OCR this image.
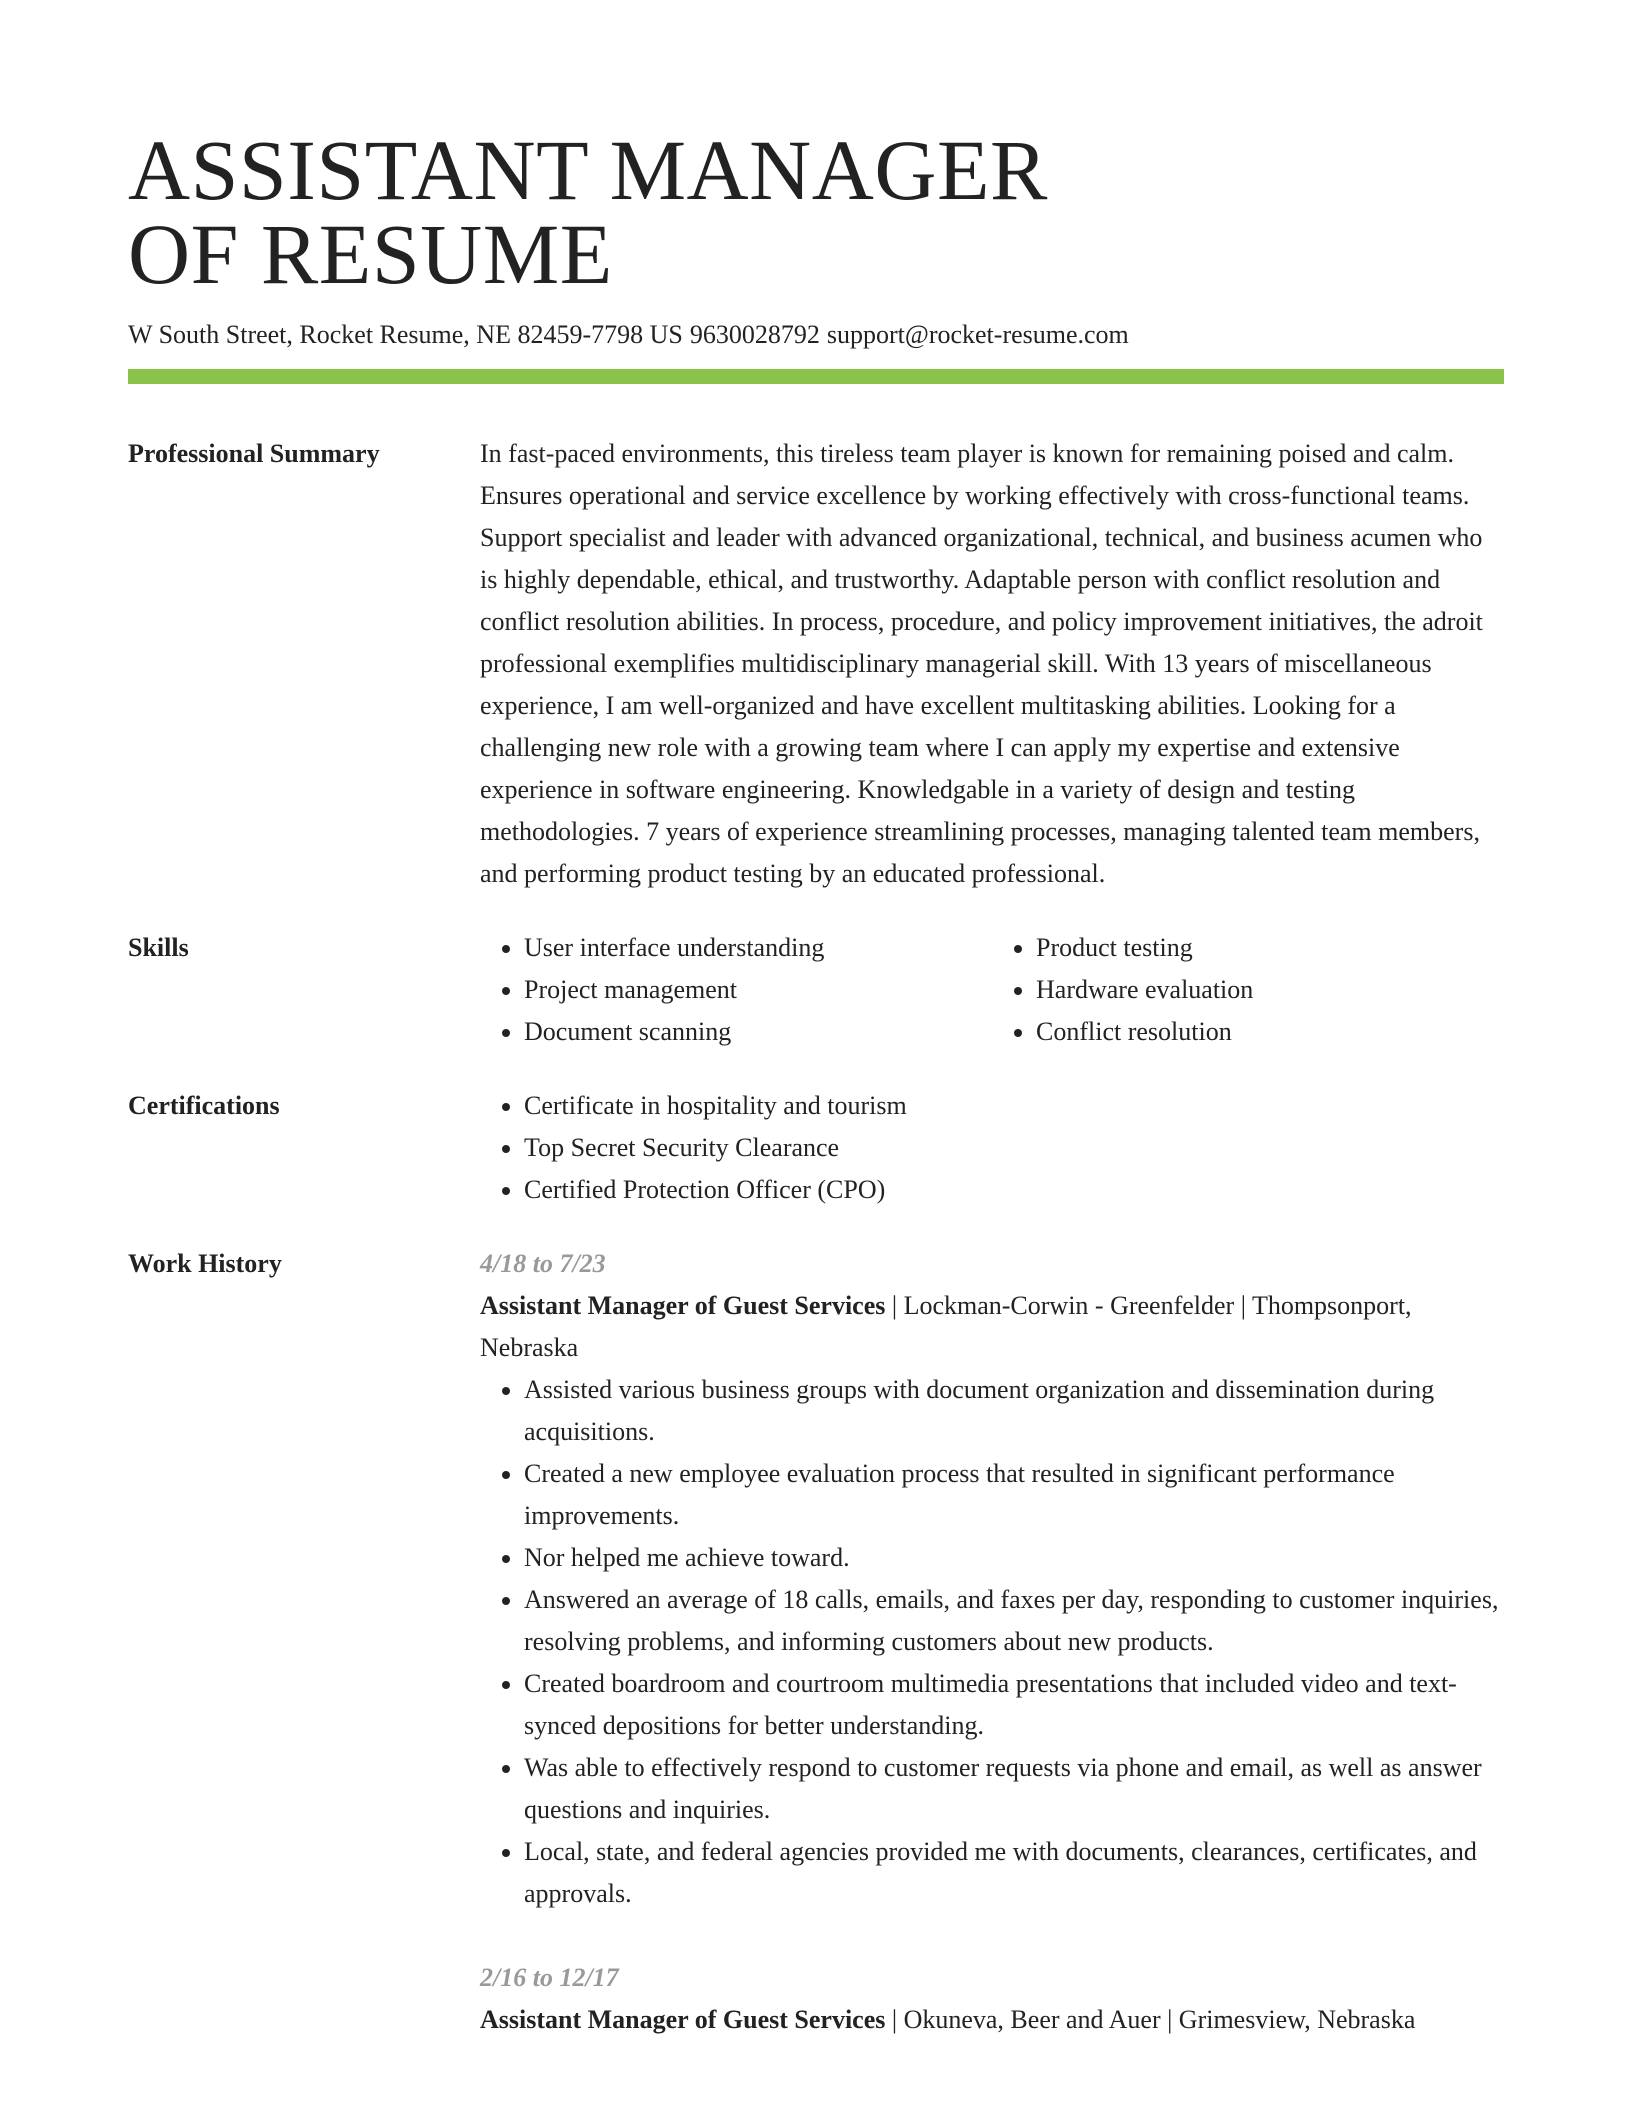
ASSISTANT MANAGER
OF RESUME
W South Street, Rocket Resume, NE 82459-7798 US 9630028792 support@rocket-resume.com
Professional Summary	In fast-paced environments, this tireless team player is known for remaining poised and calm. Ensures operational and service excellence by working effectively with cross-functional teams. Support specialist and leader with advanced organizational, technical, and business acumen who is highly dependable, ethical, and trustworthy. Adaptable person with conflict resolution and conflict resolution abilities. In process, procedure, and policy improvement initiatives, the adroit professional exemplifies multidisciplinary managerial skill. With 13 years of miscellaneous experience, I am well-organized and have excellent multitasking abilities. Looking for a challenging new role with a growing team where I can apply my expertise and extensive experience in software engineering. Knowledgable in a variety of design and testing methodologies. 7 years of experience streamlining processes, managing talented team members, and performing product testing by an educated professional.

Skills	• User interface understanding
• Project management
• Document scanning
• Product testing
• Hardware evaluation
• Conflict resolution
Certifications	• Certificate in hospitality and tourism
• Top Secret Security Clearance
• Certified Protection Officer (CPO)
Work History	4/18 to 7/23

Assistant Manager of Guest Services | Lockman-Corwin - Greenfelder | Thompsonport, Nebraska

• Assisted various business groups with document organization and dissemination during acquisitions.
• Created a new employee evaluation process that resulted in significant performance improvements.
• Nor helped me achieve toward.
• Answered an average of 18 calls, emails, and faxes per day, responding to customer inquiries, resolving problems, and informing customers about new products.
• Created boardroom and courtroom multimedia presentations that included video and text-synced depositions for better understanding.
• Was able to effectively respond to customer requests via phone and email, as well as answer questions and inquiries.
• Local, state, and federal agencies provided me with documents, clearances, certificates, and approvals.
2/16 to 12/17

Assistant Manager of Guest Services | Okuneva, Beer and Auer | Grimesview, Nebraska
